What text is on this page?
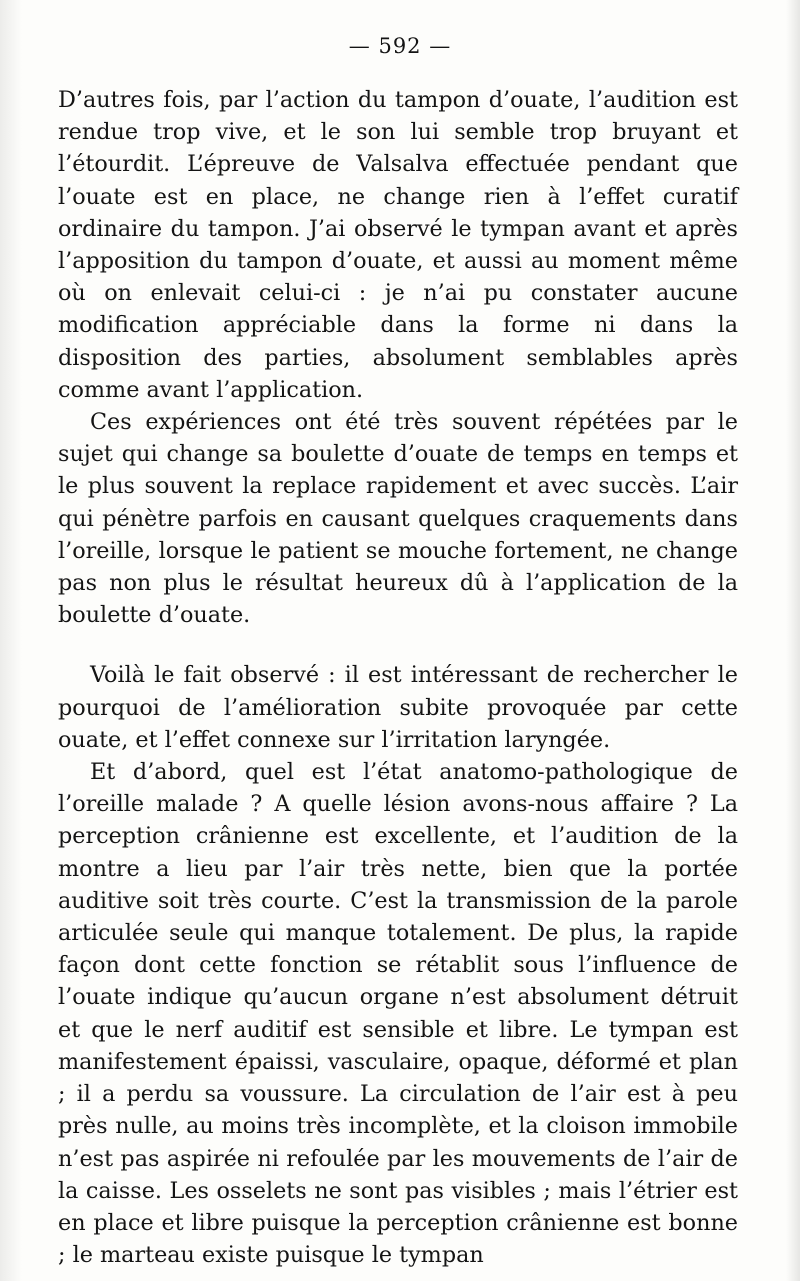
— 592 —

D’autres fois, par l’action du tampon d’ouate, l’audition est rendue trop vive, et le son lui semble trop bruyant et l’étourdit. L’épreuve de Valsalva effectuée pendant que l’ouate est en place, ne change rien à l’effet curatif ordinaire du tampon. J’ai observé le tympan avant et après l’apposition du tampon d’ouate, et aussi au moment même où on enlevait celui-ci : je n’ai pu constater aucune modification appréciable dans la forme ni dans la disposition des parties, absolument semblables après comme avant l’application.

Ces expériences ont été très souvent répétées par le sujet qui change sa boulette d’ouate de temps en temps et le plus souvent la replace rapidement et avec succès. L’air qui pénètre parfois en causant quelques craquements dans l’oreille, lorsque le patient se mouche fortement, ne change pas non plus le résultat heureux dû à l’application de la boulette d’ouate.

Voilà le fait observé : il est intéressant de rechercher le pourquoi de l’amélioration subite provoquée par cette ouate, et l’effet connexe sur l’irritation laryngée.

Et d’abord, quel est l’état anatomo-pathologique de l’oreille malade ? A quelle lésion avons-nous affaire ? La perception crânienne est excellente, et l’audition de la montre a lieu par l’air très nette, bien que la portée auditive soit très courte. C’est la transmission de la parole articulée seule qui manque totalement. De plus, la rapide façon dont cette fonction se rétablit sous l’influence de l’ouate indique qu’aucun organe n’est absolument détruit et que le nerf auditif est sensible et libre. Le tympan est manifestement épaissi, vasculaire, opaque, déformé et plan ; il a perdu sa voussure. La circulation de l’air est à peu près nulle, au moins très incomplète, et la cloison immobile n’est pas aspirée ni refoulée par les mouvements de l’air de la caisse. Les osselets ne sont pas visibles ; mais l’étrier est en place et libre puisque la perception crânienne est bonne ; le marteau existe puisque le tympan
